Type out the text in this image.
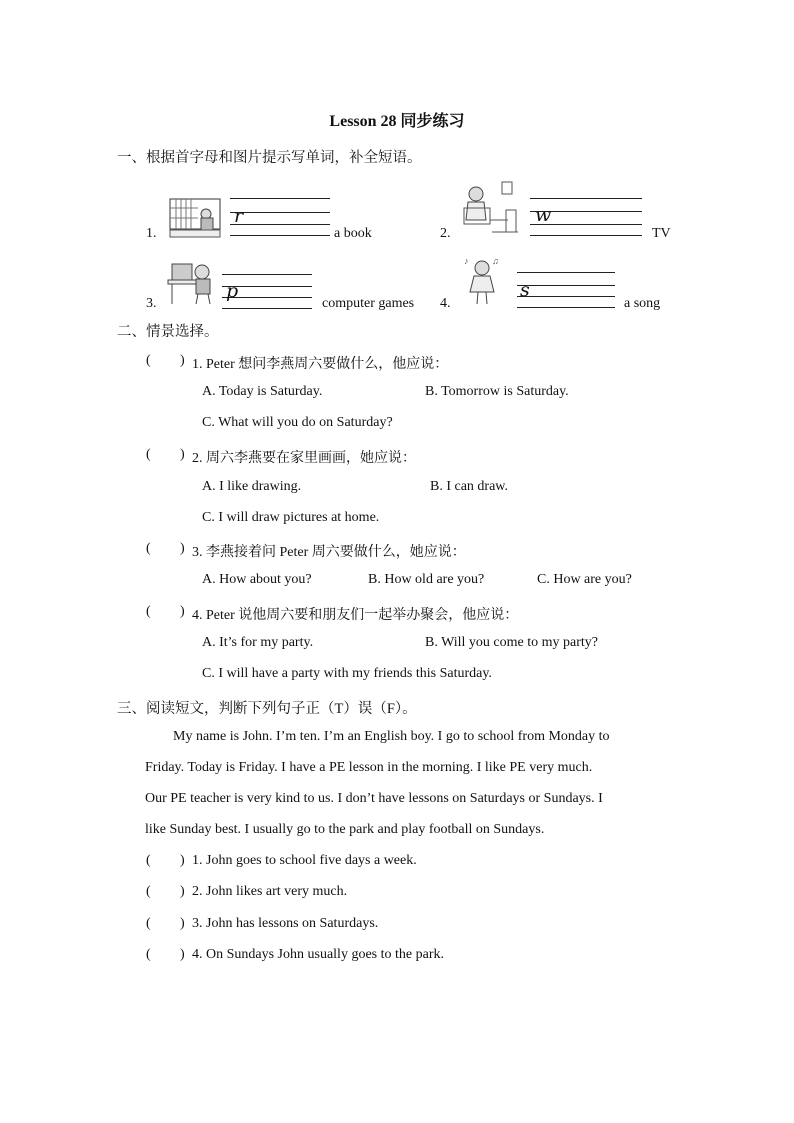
Lesson 28 同步练习
一、根据首字母和图片提示写单词，补全短语。
1.
r
a book	2.
w
TV
3.
p
computer games 4.
♪	♫
s
a song
二、情景选择。
( ) 1. Peter 想问李燕周六要做什么，他应说：
A. Today is Saturday.	B. Tomorrow is Saturday.
C. What will you do on Saturday?
( ) 2. 周六李燕要在家里画画，她应说：
A. I like drawing.	B. I can draw.
C. I will draw pictures at home.
( ) 3. 李燕接着问 Peter 周六要做什么，她应说：
A. How about you?	B. How old are you?	C. How are you?
( ) 4. Peter 说他周六要和朋友们一起举办聚会，他应说：
A. It’s for my party.	B. Will you come to my party?
C. I will have a party with my friends this Saturday.
三、阅读短文，判断下列句子正（T）误（F）。
My name is John. I’m ten. I’m an English boy. I go to school from Monday to
Friday. Today is Friday. I have a PE lesson in the morning. I like PE very much.
Our PE teacher is very kind to us. I don’t have lessons on Saturdays or Sundays. I
like Sunday best. I usually go to the park and play football on Sundays.
( ) 1. John goes to school five days a week.
( ) 2. John likes art very much.
( ) 3. John has lessons on Saturdays.
( ) 4. On Sundays John usually goes to the park.
